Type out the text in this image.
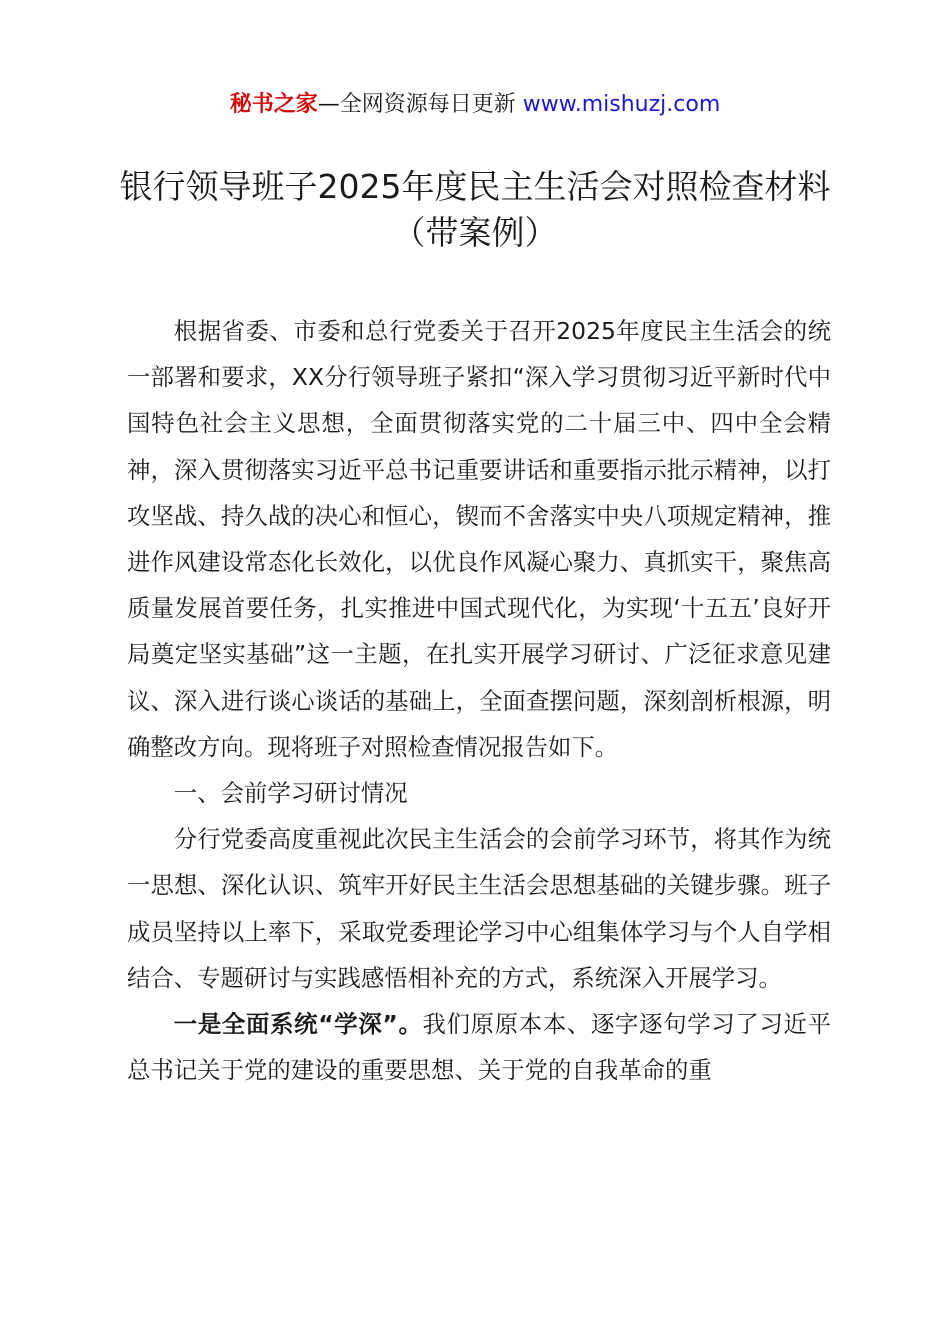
秘书之家—全网资源每日更新 www.mishuzj.com
银行领导班子2025年度民主生活会对照检查材料（带案例）

根据省委、市委和总行党委关于召开2025年度民主生活会的统一部署和要求，XX分行领导班子紧扣“深入学习贯彻习近平新时代中国特色社会主义思想，全面贯彻落实党的二十届三中、四中全会精神，深入贯彻落实习近平总书记重要讲话和重要指示批示精神，以打攻坚战、持久战的决心和恒心，锲而不舍落实中央八项规定精神，推进作风建设常态化长效化，以优良作风凝心聚力、真抓实干，聚焦高质量发展首要任务，扎实推进中国式现代化，为实现‘十五五’良好开局奠定坚实基础”这一主题，在扎实开展学习研讨、广泛征求意见建议、深入进行谈心谈话的基础上，全面查摆问题，深刻剖析根源，明确整改方向。现将班子对照检查情况报告如下。

一、会前学习研讨情况

分行党委高度重视此次民主生活会的会前学习环节，将其作为统一思想、深化认识、筑牢开好民主生活会思想基础的关键步骤。班子成员坚持以上率下，采取党委理论学习中心组集体学习与个人自学相结合、专题研讨与实践感悟相补充的方式，系统深入开展学习。

一是全面系统“学深”。我们原原本本、逐字逐句学习了习近平总书记关于党的建设的重要思想、关于党的自我革命的重
